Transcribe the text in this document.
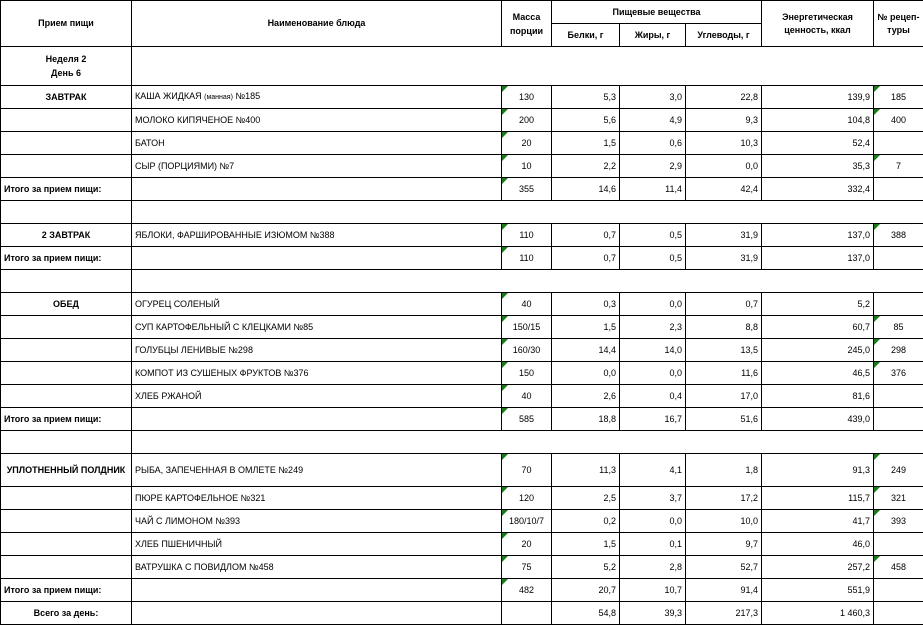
Прием пищи	Наименование блюда	Масса порции	Пищевые вещества			Энергетическая ценность, ккал	№ рецеп-туры
			Белки, г	Жиры, г	Углеводы, г		

Неделя 2
День 6							

ЗАВТРАК	КАША ЖИДКАЯ (манная) №185	130	5,3	3,0	22,8	139,9	185
	МОЛОКО КИПЯЧЕНОЕ №400	200	5,6	4,9	9,3	104,8	400
	БАТОН	20	1,5	0,6	10,3	52,4	
	СЫР (ПОРЦИЯМИ) №7	10	2,2	2,9	0,0	35,3	7
Итого за прием пищи:		355	14,6	11,4	42,4	332,4	

2 ЗАВТРАК	ЯБЛОКИ, ФАРШИРОВАННЫЕ ИЗЮМОМ №388	110	0,7	0,5	31,9	137,0	388
Итого за прием пищи:		110	0,7	0,5	31,9	137,0	

ОБЕД	ОГУРЕЦ СОЛЕНЫЙ	40	0,3	0,0	0,7	5,2	
	СУП КАРТОФЕЛЬНЫЙ С КЛЕЦКАМИ №85	150/15	1,5	2,3	8,8	60,7	85
	ГОЛУБЦЫ ЛЕНИВЫЕ №298	160/30	14,4	14,0	13,5	245,0	298
	КОМПОТ ИЗ СУШЕНЫХ ФРУКТОВ №376	150	0,0	0,0	11,6	46,5	376
	ХЛЕБ РЖАНОЙ	40	2,6	0,4	17,0	81,6	
Итого за прием пищи:		585	18,8	16,7	51,6	439,0	

УПЛОТНЕННЫЙ ПОЛДНИК	РЫБА, ЗАПЕЧЕННАЯ В ОМЛЕТЕ №249	70	11,3	4,1	1,8	91,3	249
	ПЮРЕ КАРТОФЕЛЬНОЕ №321	120	2,5	3,7	17,2	115,7	321
	ЧАЙ С ЛИМОНОМ №393	180/10/7	0,2	0,0	10,0	41,7	393
	ХЛЕБ ПШЕНИЧНЫЙ	20	1,5	0,1	9,7	46,0	
	ВАТРУШКА С ПОВИДЛОМ №458	75	5,2	2,8	52,7	257,2	458
Итого за прием пищи:		482	20,7	10,7	91,4	551,9	
Всего за день:			54,8	39,3	217,3	1 460,3	
